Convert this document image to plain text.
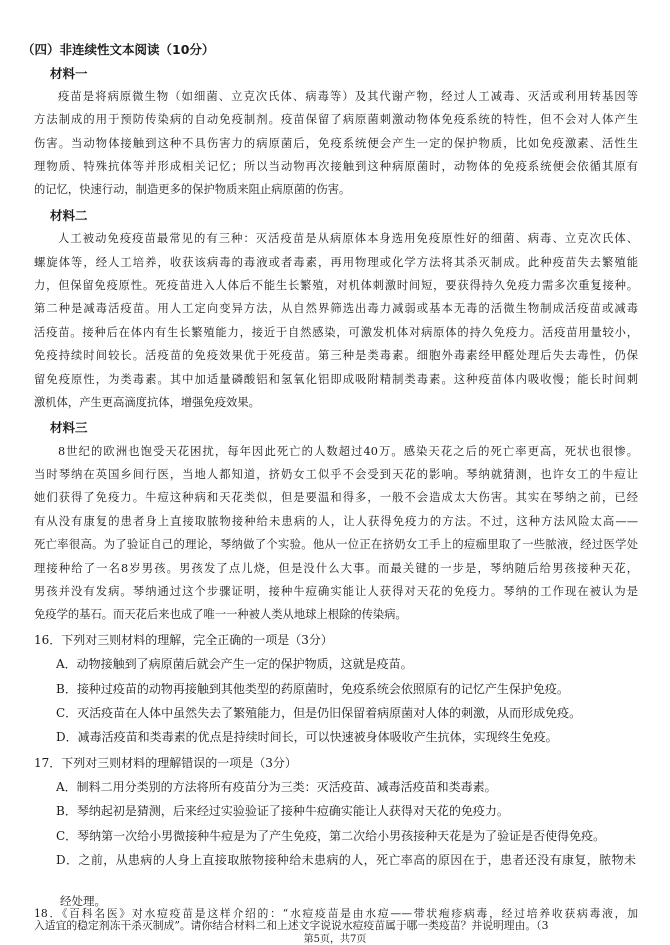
（四）非连续性文本阅读（10分）
材料一
疫苗是将病原微生物（如细菌、立克次氏体、病毒等）及其代谢产物，经过人工减毒、灭活或利用转基因等
方法制成的用于预防传染病的自动免疫制剂。疫苗保留了病原菌刺激动物体免疫系统的特性，但不会对人体产生
伤害。当动物体接触到这种不具伤害力的病原菌后，免疫系统便会产生一定的保护物质，比如免疫激素、活性生
理物质、特殊抗体等并形成相关记忆；所以当动物再次接触到这种病原菌时，动物体的免疫系统便会依循其原有
的记忆，快速行动，制造更多的保护物质来阻止病原菌的伤害。
材料二
人工被动免疫疫苗最常见的有三种：灭活疫苗是从病原体本身选用免疫原性好的细菌、病毒、立克次氏体、
螺旋体等，经人工培养，收获该病毒的毒液或者毒素，再用物理或化学方法将其杀灭制成。此种疫苗失去繁殖能
力，但保留免疫原性。死疫苗进入人体后不能生长繁殖，对机体刺激时间短，要获得持久免疫力需多次重复接种。
第二种是减毒活疫苗。用人工定向变异方法，从自然界筛选出毒力减弱或基本无毒的活微生物制成活疫苗或减毒
活疫苗。接种后在体内有生长繁殖能力，接近于自然感染，可激发机体对病原体的持久免疫力。活疫苗用量较小，
免疫持续时间较长。活疫苗的免疫效果优于死疫苗。第三种是类毒素。细胞外毒素经甲醛处理后失去毒性，仍保
留免疫原性，为类毒素。其中加适量磷酸铝和氢氧化铝即成吸附精制类毒素。这种疫苗体内吸收慢；能长时间刺
激机体，产生更高滴度抗体，增强免疫效果。
材料三
8世纪的欧洲也饱受天花困扰，每年因此死亡的人数超过40万。感染天花之后的死亡率更高，死状也很惨。
当时琴纳在英国乡间行医，当地人都知道，挤奶女工似乎不会受到天花的影响。琴纳就猜测，也许女工的牛痘让
她们获得了免疫力。牛痘这种病和天花类似，但是要温和得多，一般不会造成太大伤害。其实在琴纳之前，已经
有从没有康复的患者身上直接取脓物接种给未患病的人，让人获得免疫力的方法。不过，这种方法风险太高——
死亡率很高。为了验证自己的理论，琴纳做了个实验。他从一位正在挤奶女工手上的痘痂里取了一些脓液，经过医学处
理接种给了一名8岁男孩。男孩发了点儿烧，但是没什么大事。而最关键的一步是，琴纳随后给男孩接种天花，
男孩并没有发病。琴纳通过这个步骤证明，接种牛痘确实能让人获得对天花的免疫力。琴纳的工作现在被认为是
免疫学的基石。而天花后来也成了唯一一种被人类从地球上根除的传染病。
16．下列对三则材料的理解，完全正确的一项是（3分）
A．动物接触到了病原菌后就会产生一定的保护物质，这就是疫苗。
B．接种过疫苗的动物再接触到其他类型的药原菌时，免疫系统会依照原有的记忆产生保护免疫。
C．灭活疫苗在人体中虽然失去了繁殖能力，但是仍旧保留着病原菌对人体的刺激，从而形成免疫。
D．减毒活疫苗和类毒素的优点是持续时间长，可以快速被身体吸收产生抗体，实现终生免疫。
17．下列对三则材料的理解错误的一项是（3分）
A．制料二用分类别的方法将所有疫苗分为三类：灭活疫苗、减毒活疫苗和类毒素。
B．琴纳起初是猜测，后来经过实验验证了接种牛痘确实能让人获得对天花的免疫力。
C．琴纳第一次给小男微接种牛痘是为了产生免疫，第二次给小男孩接种天花是为了验证是否使得免疫。
D．之前，从患病的人身上直接取脓物接种给未患病的人，死亡率高的原因在于，患者还没有康复，脓物未
经处理。
18．《百科名医》对水痘疫苗是这样介绍的：“水痘疫苗是由水痘——带状疱疹病毒，经过培养收获病毒液，加
入适宜的稳定剂冻干杀灭制成”。请你结合材料二和上述文字说说水痘疫苗属于哪一类疫苗？并说明理由。（3
第5页，共7页
